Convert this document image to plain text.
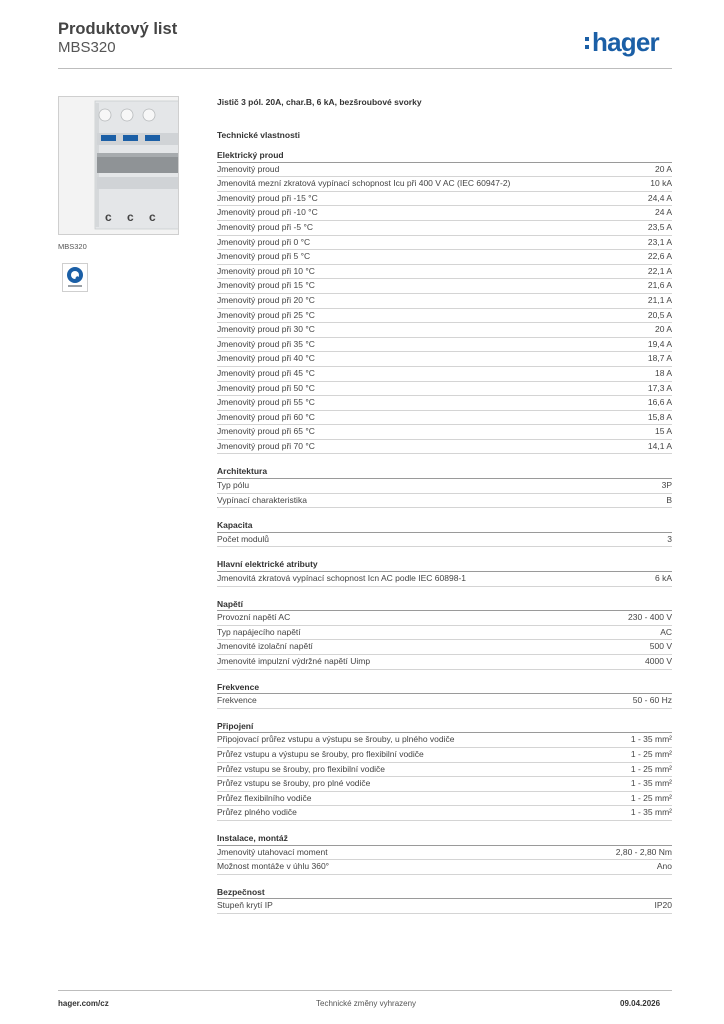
Produktový list
MBS320	hager
c c c
MBS320
Jistič 3 pól. 20A, char.B, 6 kA, bezšroubové svorky
Technické vlastnosti
Elektrický proud
Jmenovitý proud	20 A
Jmenovitá mezní zkratová vypínací schopnost Icu při 400 V AC (IEC 60947-2)	10 kA
Jmenovitý proud při -15 °C	24,4 A
Jmenovitý proud při -10 °C	24 A
Jmenovitý proud při -5 °C	23,5 A
Jmenovitý proud při 0 °C	23,1 A
Jmenovitý proud při 5 °C	22,6 A
Jmenovitý proud při 10 °C	22,1 A
Jmenovitý proud při 15 °C	21,6 A
Jmenovitý proud při 20 °C	21,1 A
Jmenovitý proud při 25 °C	20,5 A
Jmenovitý proud při 30 °C	20 A
Jmenovitý proud při 35 °C	19,4 A
Jmenovitý proud při 40 °C	18,7 A
Jmenovitý proud při 45 °C	18 A
Jmenovitý proud při 50 °C	17,3 A
Jmenovitý proud při 55 °C	16,6 A
Jmenovitý proud při 60 °C	15,8 A
Jmenovitý proud při 65 °C	15 A
Jmenovitý proud při 70 °C	14,1 A
Architektura
Typ pólu	3P
Vypínací charakteristika	B
Kapacita
Počet modulů	3
Hlavní elektrické atributy
Jmenovitá zkratová vypínací schopnost Icn AC podle IEC 60898-1	6 kA
Napětí
Provozní napětí AC	230 - 400 V
Typ napájecího napětí	AC
Jmenovité izolační napětí	500 V
Jmenovité impulzní výdržné napětí Uimp	4000 V
Frekvence
Frekvence	50 - 60 Hz
Připojení
Připojovací průřez vstupu a výstupu se šrouby, u plného vodiče	1 - 35 mm²
Průřez vstupu a výstupu se šrouby, pro flexibilní vodiče	1 - 25 mm²
Průřez vstupu se šrouby, pro flexibilní vodiče	1 - 25 mm²
Průřez vstupu se šrouby, pro plné vodiče	1 - 35 mm²
Průřez flexibilního vodiče	1 - 25 mm²
Průřez plného vodiče	1 - 35 mm²
Instalace, montáž
Jmenovitý utahovací moment	2,80 - 2,80 Nm
Možnost montáže v úhlu 360°	Ano
Bezpečnost
Stupeň krytí IP	IP20
hager.com/cz	Technické změny vyhrazeny	09.04.2026
